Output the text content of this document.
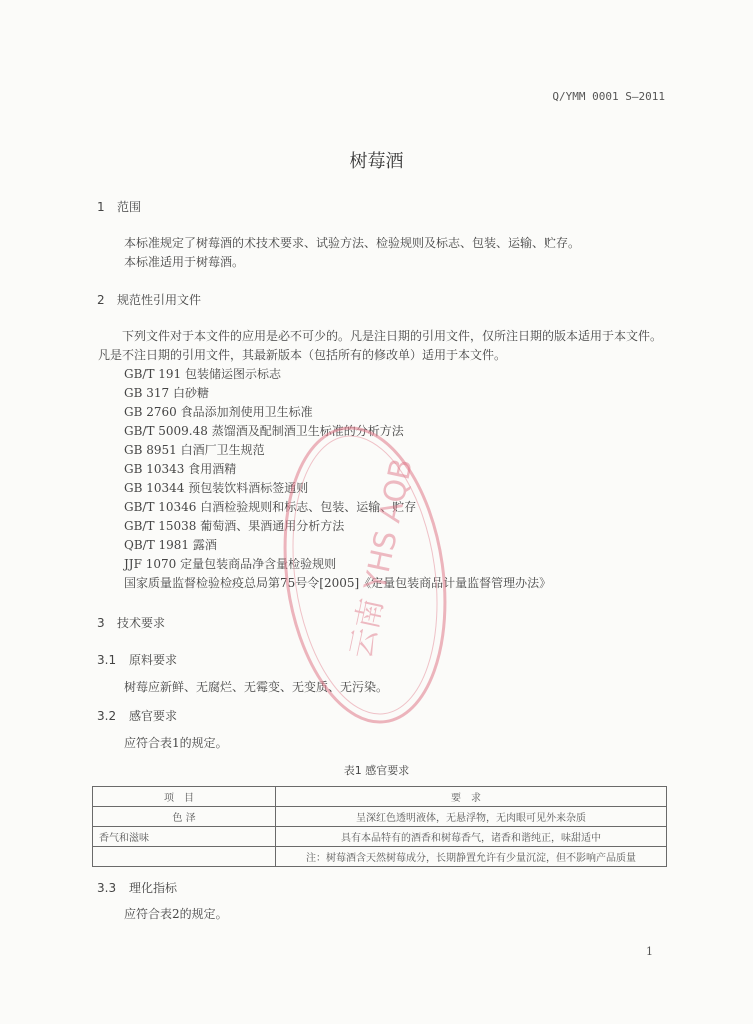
Q/YMM 0001 S—2011
树莓酒
1 范围
本标准规定了树莓酒的术技术要求、试验方法、检验规则及标志、包装、运输、贮存。
本标准适用于树莓酒。
2 规范性引用文件
下列文件对于本文件的应用是必不可少的。凡是注日期的引用文件，仅所注日期的版本适用于本文件。凡是不注日期的引用文件，其最新版本（包括所有的修改单）适用于本文件。
GB/T 191 包装储运图示标志
GB 317 白砂糖
GB 2760 食品添加剂使用卫生标准
GB/T 5009.48 蒸馏酒及配制酒卫生标准的分析方法
GB 8951 白酒厂卫生规范
GB 10343 食用酒精
GB 10344 预包装饮料酒标签通则
GB/T 10346 白酒检验规则和标志、包装、运输、贮存
GB/T 15038 葡萄酒、果酒通用分析方法
QB/T 1981 露酒
JJF 1070 定量包装商品净含量检验规则
国家质量监督检验检疫总局第75号令[2005]《定量包装商品计量监督管理办法》
3 技术要求
3.1 原料要求
树莓应新鲜、无腐烂、无霉变、无变质、无污染。
3.2 感官要求
应符合表1的规定。
表1 感官要求
项目	要求
色 泽	呈深红色透明液体，无悬浮物，无肉眼可见外来杂质
香气和滋味	具有本品特有的酒香和树莓香气，诸香和谐纯正，味甜适中
	注：树莓酒含天然树莓成分，长期静置允许有少量沉淀，但不影响产品质量
3.3 理化指标
应符合表2的规定。
1
云南 YHS AQB
